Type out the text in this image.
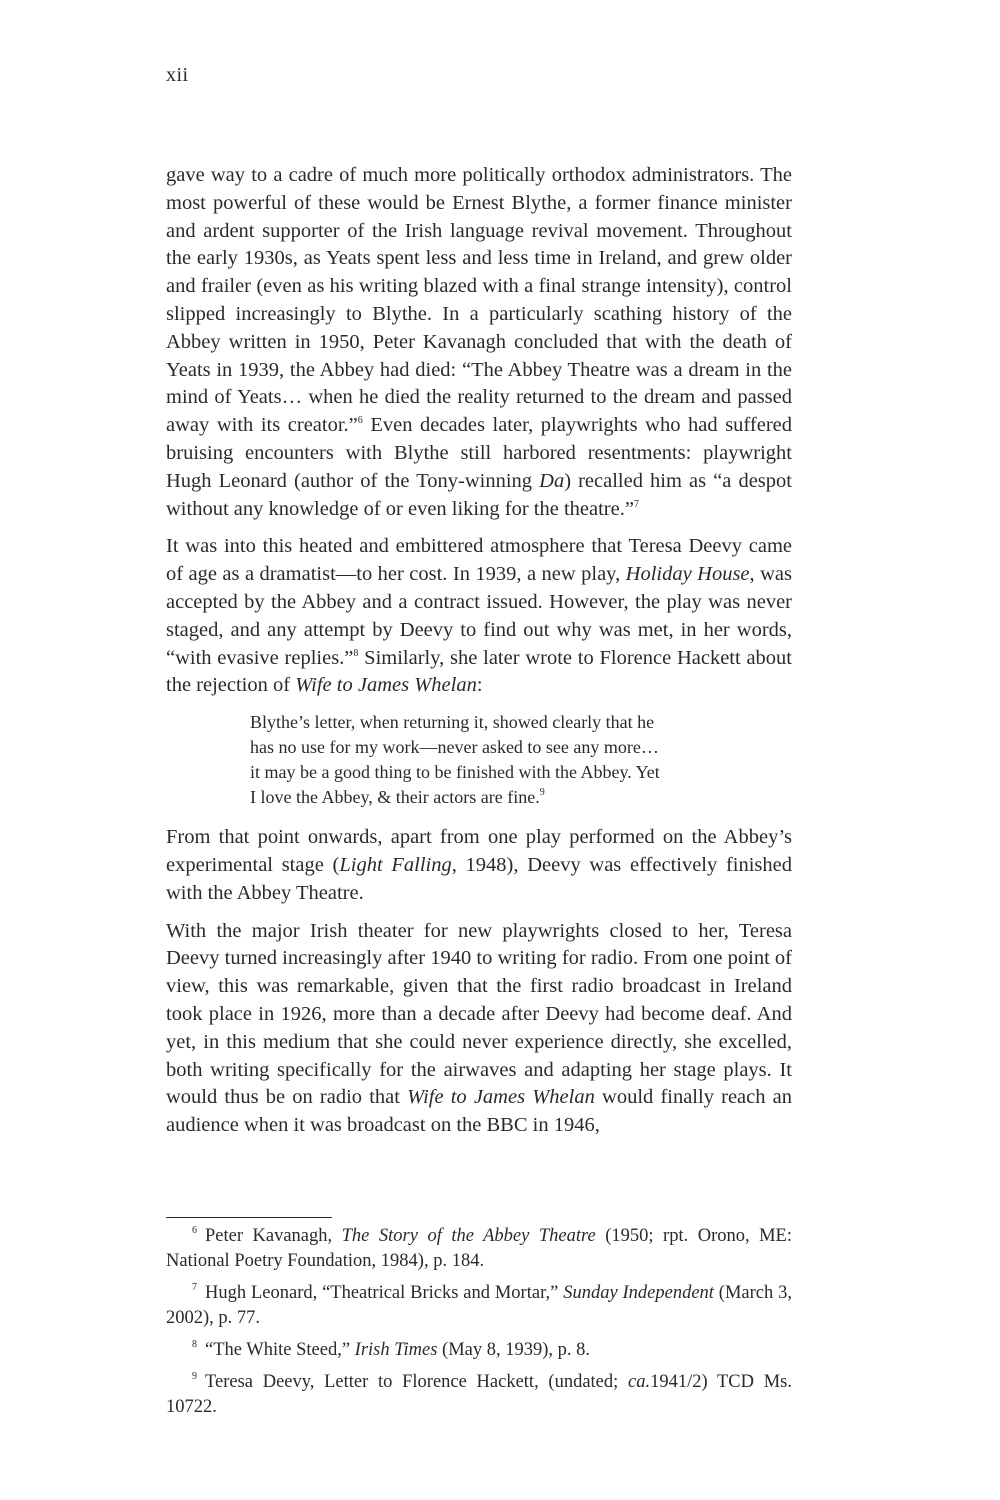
xii

gave way to a cadre of much more politically orthodox administrators. The most powerful of these would be Ernest Blythe, a former finance minister and ardent supporter of the Irish language revival movement. Throughout the early 1930s, as Yeats spent less and less time in Ireland, and grew older and frailer (even as his writing blazed with a final strange intensity), control slipped increasingly to Blythe. In a particularly scathing history of the Abbey written in 1950, Peter Kavanagh concluded that with the death of Yeats in 1939, the Abbey had died: “The Abbey Theatre was a dream in the mind of Yeats… when he died the reality returned to the dream and passed away with its creator.”$^6$ Even decades later, playwrights who had suffered bruising encounters with Blythe still harbored resentments: playwright Hugh Leonard (author of the Tony-winning Da) recalled him as “a despot without any knowledge of or even liking for the theatre.”$^7$

It was into this heated and embittered atmosphere that Teresa Deevy came of age as a dramatist—to her cost. In 1939, a new play, Holiday House, was accepted by the Abbey and a contract issued. However, the play was never staged, and any attempt by Deevy to find out why was met, in her words, “with evasive replies.”$^8$ Similarly, she later wrote to Florence Hackett about the rejection of Wife to James Whelan:

Blythe’s letter, when returning it, showed clearly that he
has no use for my work—never asked to see any more…
it may be a good thing to be finished with the Abbey. Yet
I love the Abbey, & their actors are fine.$^9$

From that point onwards, apart from one play performed on the Abbey’s experimental stage (Light Falling, 1948), Deevy was effectively finished with the Abbey Theatre.

With the major Irish theater for new playwrights closed to her, Teresa Deevy turned increasingly after 1940 to writing for radio. From one point of view, this was remarkable, given that the first radio broadcast in Ireland took place in 1926, more than a decade after Deevy had become deaf. And yet, in this medium that she could never experience directly, she excelled, both writing specifically for the airwaves and adapting her stage plays. It would thus be on radio that Wife to James Whelan would finally reach an audience when it was broadcast on the BBC in 1946,

$^6$ Peter Kavanagh, The Story of the Abbey Theatre (1950; rpt. Orono, ME: National Poetry Foundation, 1984), p. 184.

$^7$ Hugh Leonard, “Theatrical Bricks and Mortar,” Sunday Independent (March 3, 2002), p. 77.

$^8$ “The White Steed,” Irish Times (May 8, 1939), p. 8.

$^9$ Teresa Deevy, Letter to Florence Hackett, (undated; ca.1941/2) TCD Ms. 10722.
